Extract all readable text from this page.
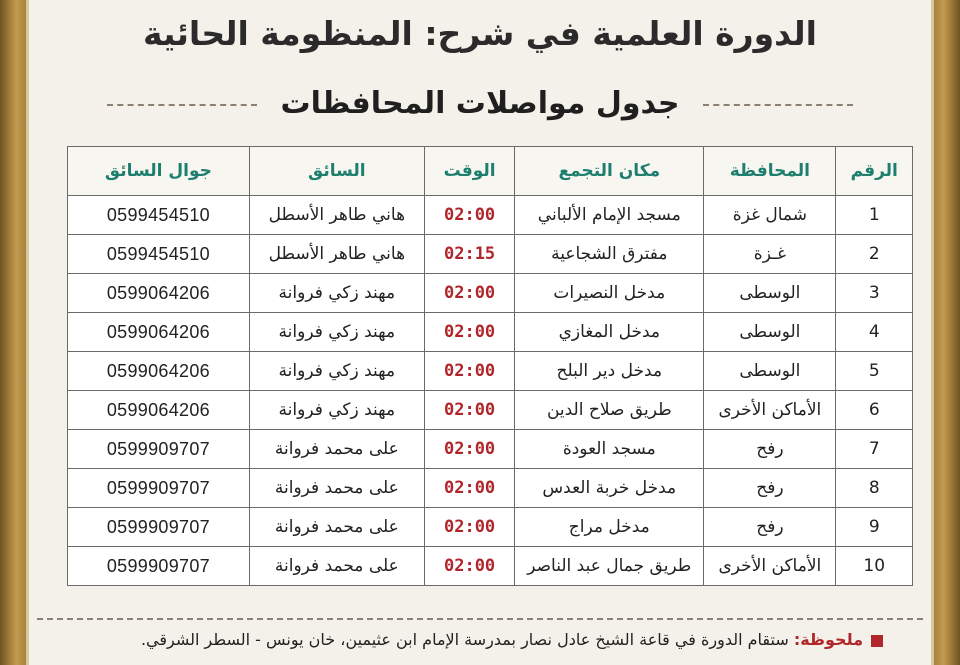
الدورة العلمية في شرح: المنظومة الحائية
جدول مواصلات المحافظات
الرقم	المحافظة	مكان التجمع	الوقت	السائق	جوال السائق
1	شمال غزة	مسجد الإمام الألباني	02:00	هاني طاهر الأسطل	0599454510
2	غـزة	مفترق الشجاعية	02:15	هاني طاهر الأسطل	0599454510
3	الوسطى	مدخل النصيرات	02:00	مهند زكي فروانة	0599064206
4	الوسطى	مدخل المغازي	02:00	مهند زكي فروانة	0599064206
5	الوسطى	مدخل دير البلح	02:00	مهند زكي فروانة	0599064206
6	الأماكن الأخرى	طريق صلاح الدين	02:00	مهند زكي فروانة	0599064206
7	رفح	مسجد العودة	02:00	على محمد فروانة	0599909707
8	رفح	مدخل خربة العدس	02:00	على محمد فروانة	0599909707
9	رفح	مدخل مراج	02:00	على محمد فروانة	0599909707
10	الأماكن الأخرى	طريق جمال عبد الناصر	02:00	على محمد فروانة	0599909707
ملحوظة: ستقام الدورة في قاعة الشيخ عادل نصار بمدرسة الإمام ابن عثيمين، خان يونس - السطر الشرقي.
